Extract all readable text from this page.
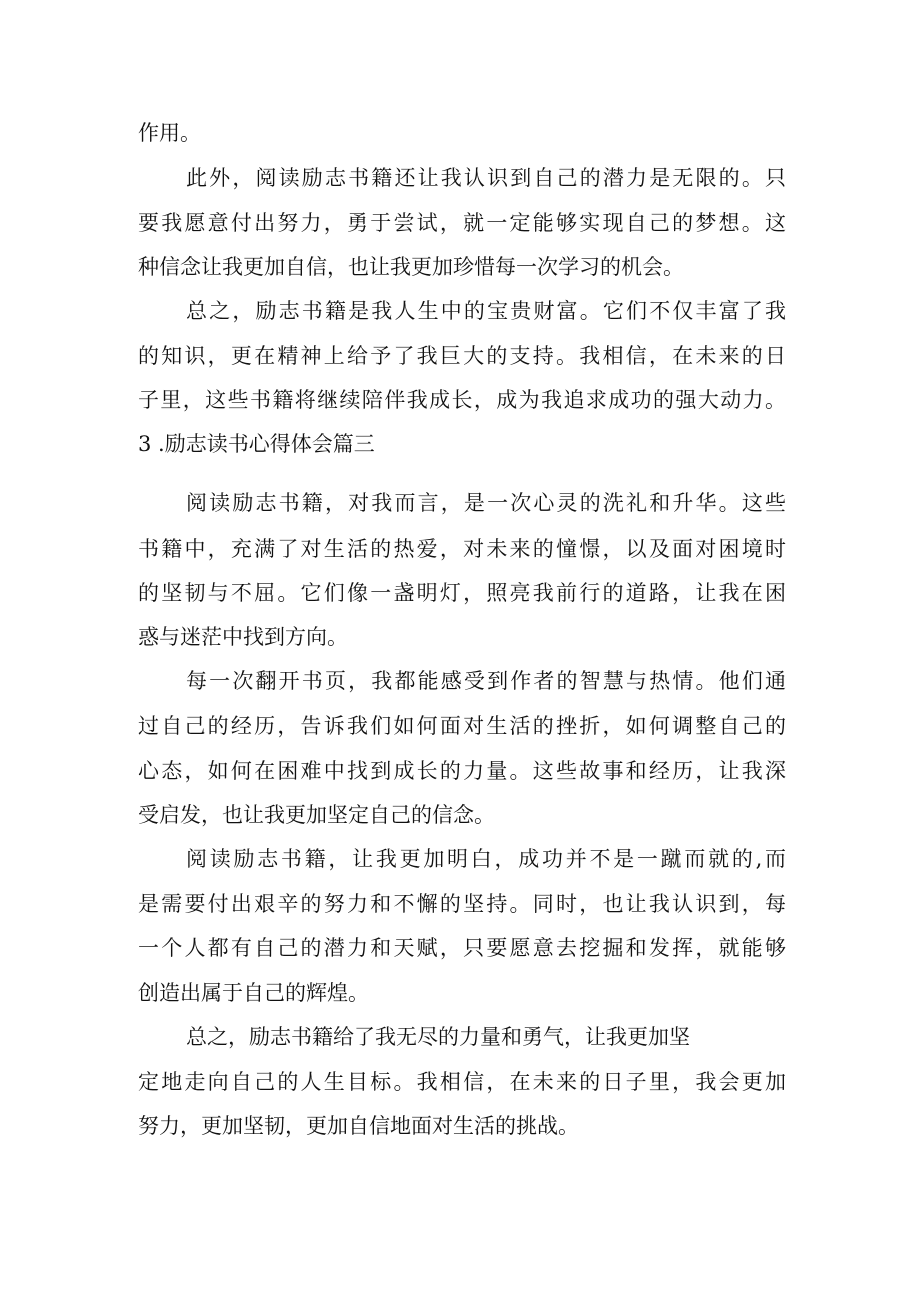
作用。
此外，阅读励志书籍还让我认识到自己的潜力是无限的。只
要我愿意付出努力，勇于尝试，就一定能够实现自己的梦想。这
种信念让我更加自信，也让我更加珍惜每一次学习的机会。
总之，励志书籍是我人生中的宝贵财富。它们不仅丰富了我
的知识，更在精神上给予了我巨大的支持。我相信，在未来的日
子里，这些书籍将继续陪伴我成长，成为我追求成功的强大动力。
3 .励志读书心得体会篇三
阅读励志书籍，对我而言，是一次心灵的洗礼和升华。这些
书籍中，充满了对生活的热爱，对未来的憧憬，以及面对困境时
的坚韧与不屈。它们像一盏明灯，照亮我前行的道路，让我在困
惑与迷茫中找到方向。
每一次翻开书页，我都能感受到作者的智慧与热情。他们通
过自己的经历，告诉我们如何面对生活的挫折，如何调整自己的
心态，如何在困难中找到成长的力量。这些故事和经历，让我深
受启发，也让我更加坚定自己的信念。
阅读励志书籍，让我更加明白，成功并不是一蹴而就的,而
是需要付出艰辛的努力和不懈的坚持。同时，也让我认识到，每
一个人都有自己的潜力和天赋，只要愿意去挖掘和发挥，就能够
创造出属于自己的辉煌。
总之，励志书籍给了我无尽的力量和勇气，让我更加坚
定地走向自己的人生目标。我相信，在未来的日子里，我会更加
努力，更加坚韧，更加自信地面对生活的挑战。
